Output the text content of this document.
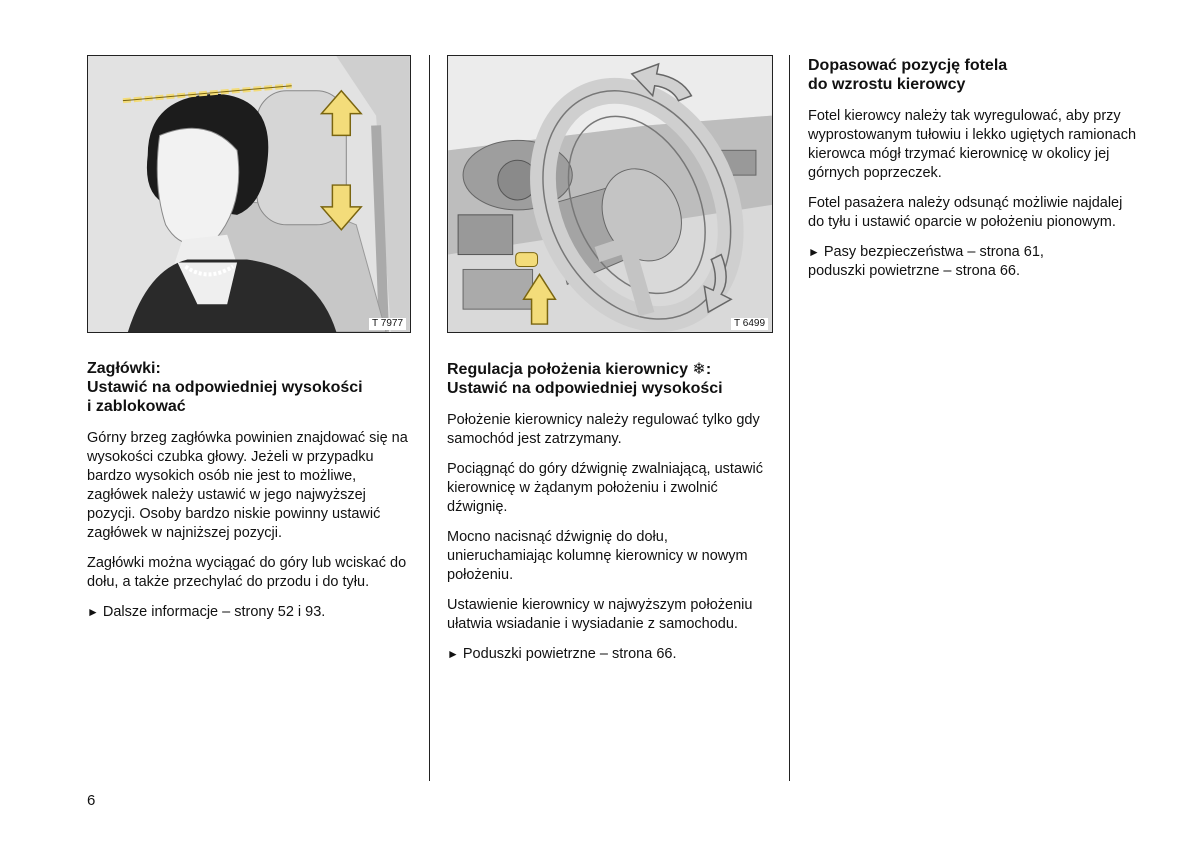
T 7977
Zagłówki:
Ustawić na odpowiedniej wysokości
i zablokować

Górny brzeg zagłówka powinien znajdować się na wysokości czubka głowy. Jeżeli w przypadku bardzo wysokich osób nie jest to możliwe, zagłówek należy ustawić w jego najwyższej pozycji. Osoby bardzo niskie powinny ustawić zagłówek w najniższej pozycji.

Zagłówki można wyciągać do góry lub wciskać do dołu, a także przechylać do przodu i do tyłu.

► Dalsze informacje – strony 52 i 93.

T 6499
Regulacja położenia kierownicy ❄:
Ustawić na odpowiedniej wysokości

Położenie kierownicy należy regulować tylko gdy samochód jest zatrzymany.

Pociągnąć do góry dźwignię zwalniającą, ustawić kierownicę w żądanym położeniu i zwolnić dźwignię.

Mocno nacisnąć dźwignię do dołu, unieruchamiając kolumnę kierownicy w nowym położeniu.

Ustawienie kierownicy w najwyższym położeniu ułatwia wsiadanie i wysiadanie z samochodu.

► Poduszki powietrzne – strona 66.

Dopasować pozycję fotela
do wzrostu kierowcy

Fotel kierowcy należy tak wyregulować, aby przy wyprostowanym tułowiu i lekko ugiętych ramionach kierowca mógł trzymać kierownicę w okolicy jej górnych poprzeczek.

Fotel pasażera należy odsunąć możliwie najdalej do tyłu i ustawić oparcie w położeniu pionowym.

► Pasy bezpieczeństwa – strona 61,
poduszki powietrzne – strona 66.

6
